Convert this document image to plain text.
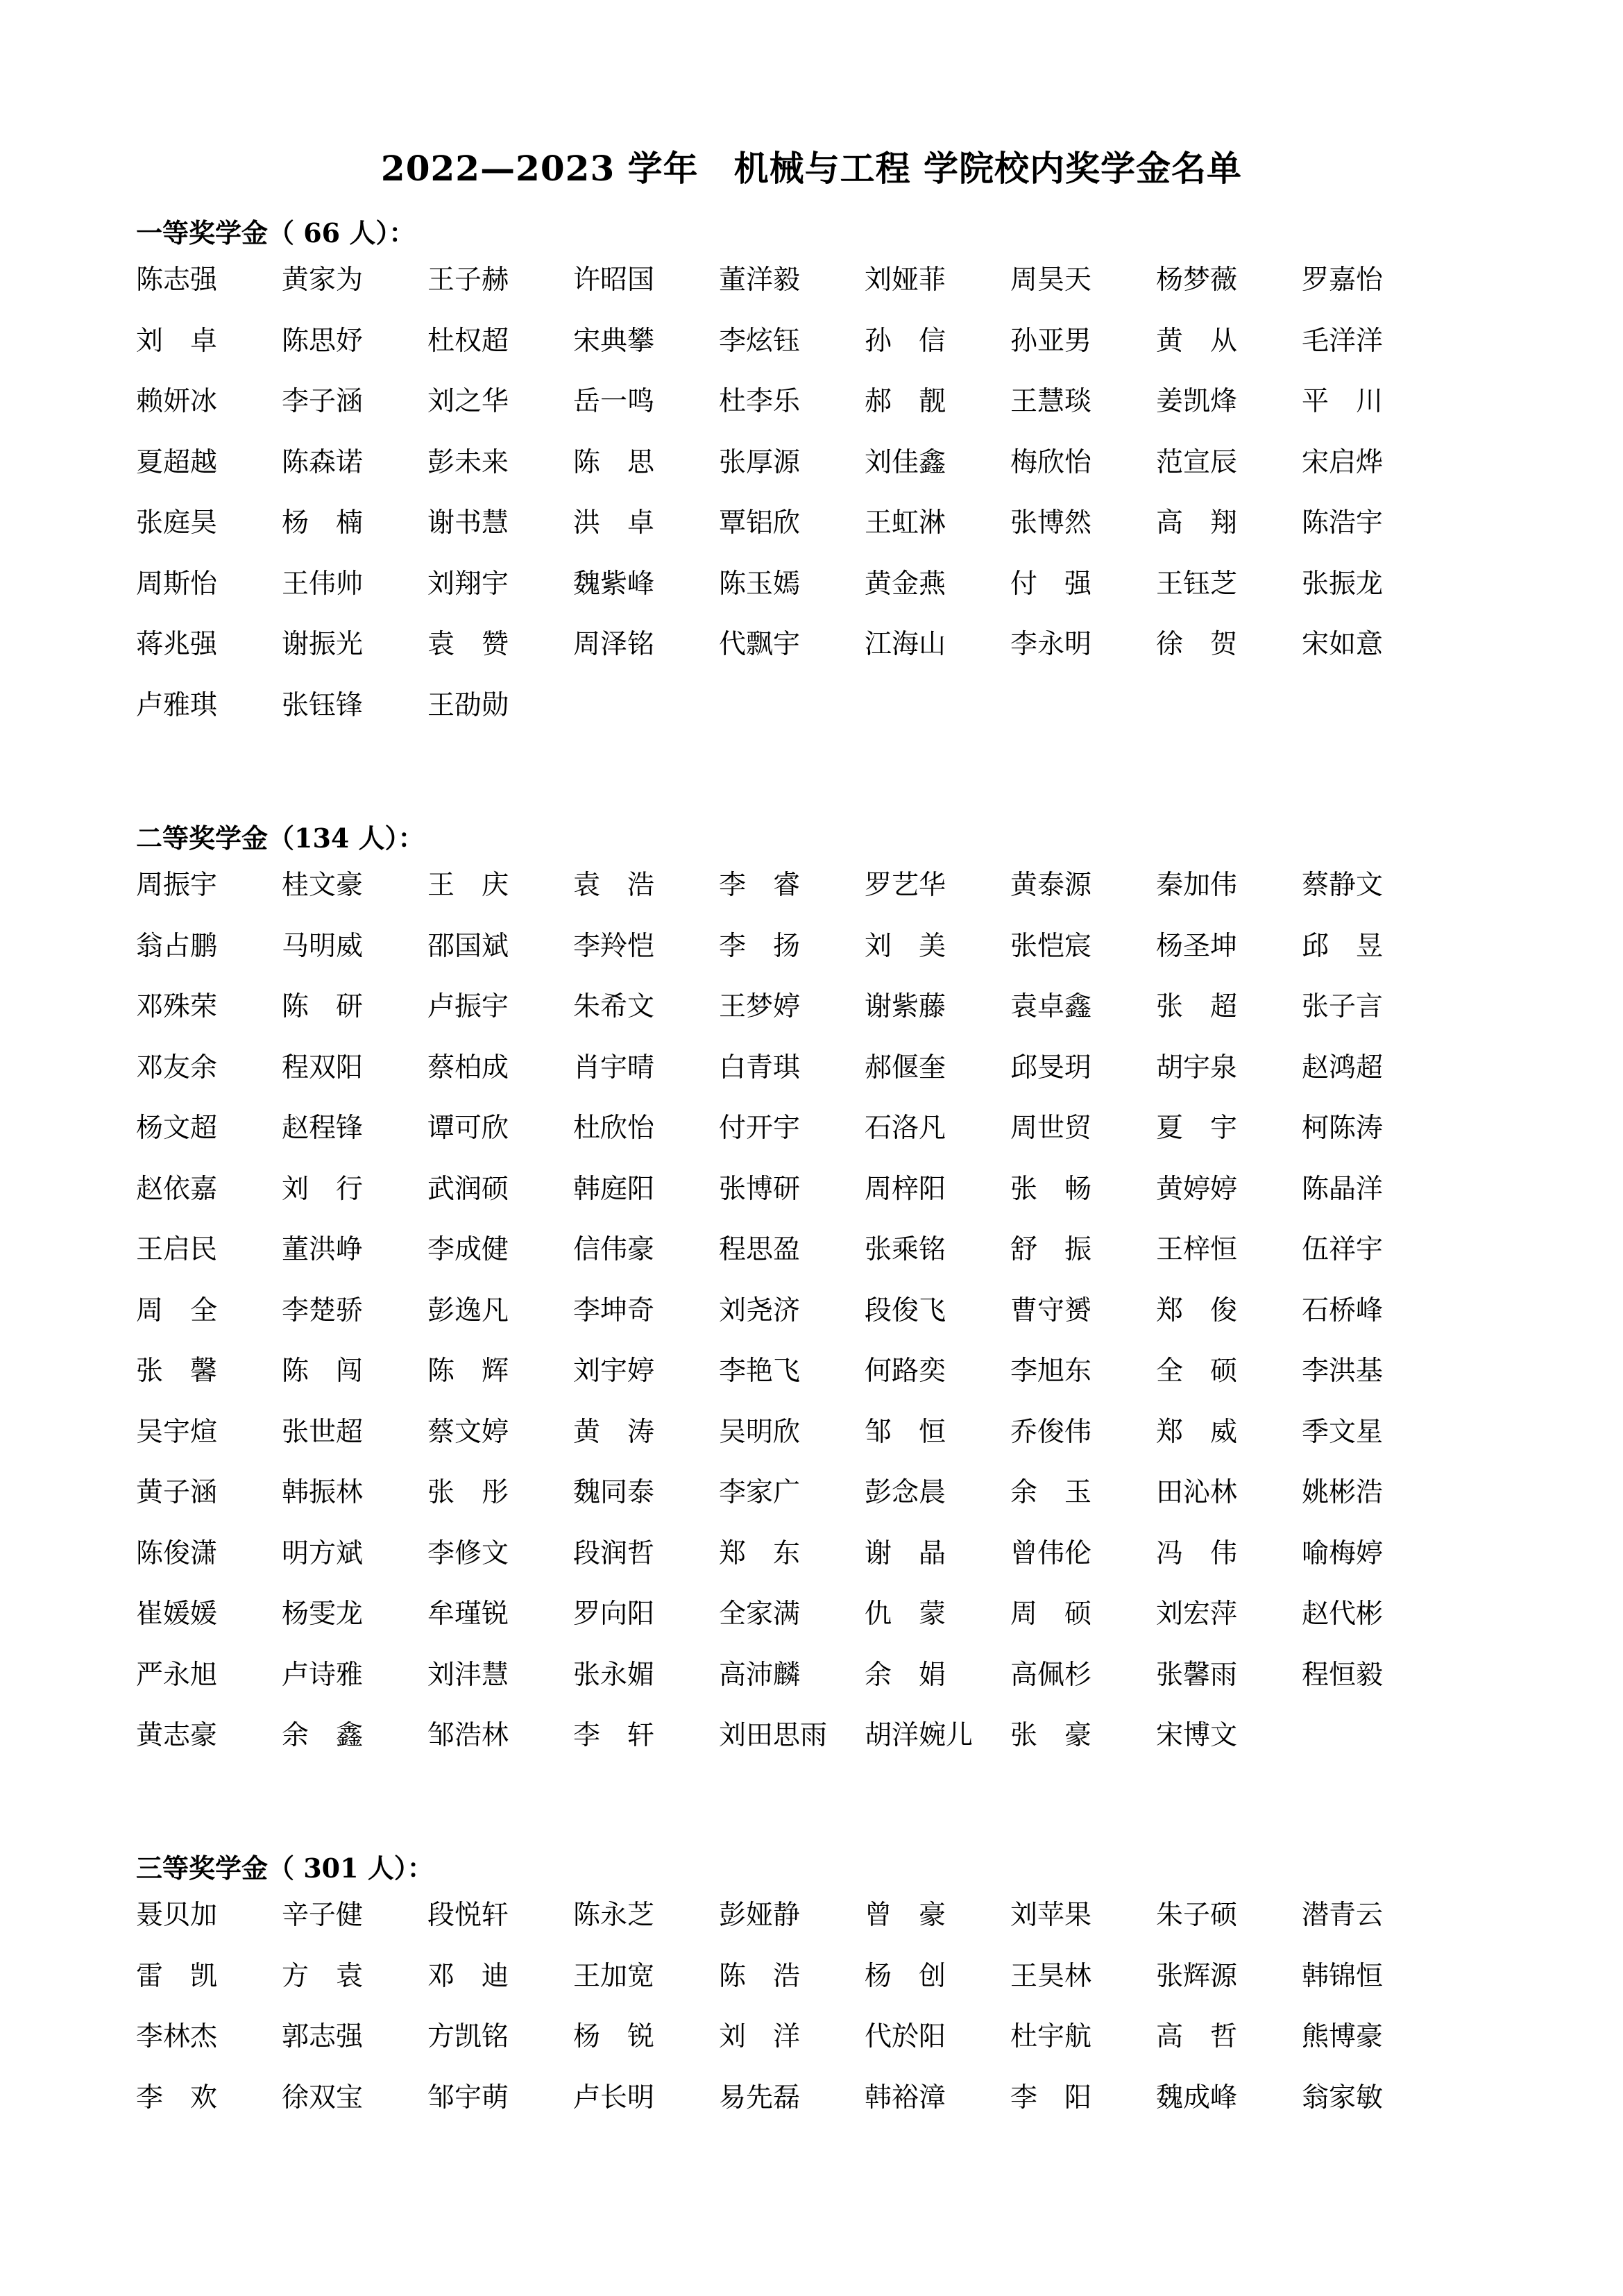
2022—2023 学年　机械与工程 学院校内奖学金名单
一等奖学金（ 66 人）：
陈志强	黄家为	王子赫	许昭国	董洋毅	刘娅菲	周昊天	杨梦薇	罗嘉怡
刘　卓	陈思妤	杜权超	宋典攀	李炫钰	孙　信	孙亚男	黄　从	毛洋洋
赖妍冰	李子涵	刘之华	岳一鸣	杜李乐	郝　靓	王慧琰	姜凯烽	平　川
夏超越	陈森诺	彭未来	陈　思	张厚源	刘佳鑫	梅欣怡	范宣辰	宋启烨
张庭昊	杨　楠	谢书慧	洪　卓	覃铝欣	王虹淋	张博然	高　翔	陈浩宇
周斯怡	王伟帅	刘翔宇	魏紫峰	陈玉嫣	黄金燕	付　强	王钰芝	张振龙
蒋兆强	谢振光	袁　赞	周泽铭	代飘宇	江海山	李永明	徐　贺	宋如意
卢雅琪	张钰锋	王劭勋
二等奖学金（134 人）：
周振宇	桂文豪	王　庆	袁　浩	李　睿	罗艺华	黄泰源	秦加伟	蔡静文
翁占鹏	马明威	邵国斌	李羚恺	李　扬	刘　美	张恺宸	杨圣坤	邱　昱
邓殊荣	陈　研	卢振宇	朱希文	王梦婷	谢紫藤	袁卓鑫	张　超	张子言
邓友余	程双阳	蔡柏成	肖宇晴	白青琪	郝偃奎	邱旻玥	胡宇泉	赵鸿超
杨文超	赵程锋	谭可欣	杜欣怡	付开宇	石洛凡	周世贸	夏　宇	柯陈涛
赵依嘉	刘　行	武润硕	韩庭阳	张博研	周梓阳	张　畅	黄婷婷	陈晶洋
王启民	董洪峥	李成健	信伟豪	程思盈	张乘铭	舒　振	王梓恒	伍祥宇
周　全	李楚骄	彭逸凡	李坤奇	刘尧济	段俊飞	曹守赟	郑　俊	石桥峰
张　馨	陈　闯	陈　辉	刘宇婷	李艳飞	何路奕	李旭东	全　硕	李洪基
吴宇煊	张世超	蔡文婷	黄　涛	吴明欣	邹　恒	乔俊伟	郑　威	季文星
黄子涵	韩振林	张　彤	魏同泰	李家广	彭念晨	余　玉	田沁林	姚彬浩
陈俊潇	明方斌	李修文	段润哲	郑　东	谢　晶	曾伟伦	冯　伟	喻梅婷
崔媛媛	杨雯龙	牟瑾锐	罗向阳	全家满	仇　蒙	周　硕	刘宏萍	赵代彬
严永旭	卢诗雅	刘沣慧	张永媚	高沛麟	余　娟	高佩杉	张馨雨	程恒毅
黄志豪	余　鑫	邹浩林	李　轩	刘田思雨	胡洋婉儿	张　豪	宋博文
三等奖学金（ 301 人）：
聂贝加	辛子健	段悦轩	陈永芝	彭娅静	曾　豪	刘苹果	朱子硕	潜青云
雷　凯	方　袁	邓　迪	王加宽	陈　浩	杨　创	王昊林	张辉源	韩锦恒
李林杰	郭志强	方凯铭	杨　锐	刘　洋	代於阳	杜宇航	高　哲	熊博豪
李　欢	徐双宝	邹宇萌	卢长明	易先磊	韩裕漳	李　阳	魏成峰	翁家敏
